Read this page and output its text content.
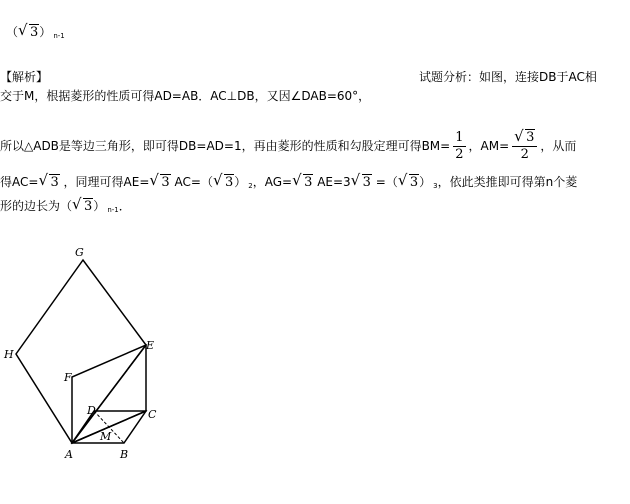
（ √ 3） $_{n-1}$
【解析】	试题分析：如图，连接DB于AC相
交于M，根据菱形的性质可得AD=AB．AC⊥DB，又因∠DAB=60°，
所以△ADB是等边三角形，即可得DB=AD=1，再由菱形的性质和勾股定理可得$BM= \frac{1}{2}$ ，$AM= \frac{√ 3}{2}$ ，从而
得AC= √ 3 ，同理可得AE= √ 3 AC=（ √ 3） $_2$，AG= √ 3 AE=3 √ 3 =（ √ 3） $_3$，依此类推即可得第n个菱
形的边长为（ √ 3） $_{n-1}$．
G
H
E
F
D	C
M
A	B
